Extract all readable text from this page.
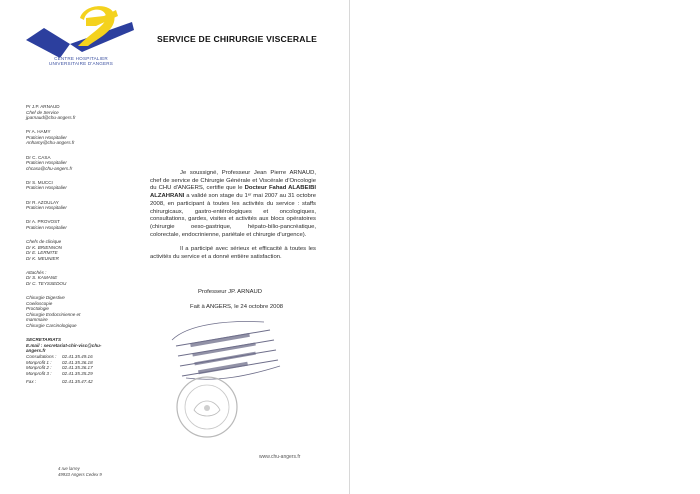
CENTRE HOSPITALIER
UNIVERSITAIRE D'ANGERS
SERVICE DE CHIRURGIE VISCERALE
Pr J.P. ARNAUD
Chef de Service
jparnaud@chu-angers.fr
Pr A. HAMY
Praticien Hospitalier
Anhamy@chu-angers.fr
Dr C. CASA
Praticien Hospitalier
chcasa@chu-angers.fr
Dr S. MUCCI
Praticien Hospitalier
Dr R. AZOULAY
Praticien Hospitalier
Dr A. PROVOST
Praticien Hospitalier
Chefs de clinique
Dr K. BRIENNON
Dr E. LERMITE
Dr K. MEUNIER
Attachés :
Dr S. KAMANE
Dr C. TEYSSEDOU
Chirurgie Digestive
Coelioscopie
Proctologie
Chirurgie Endocrinienne et
mammaire
Chirurgie Carcinologique
SECRETARIATS
E.mail : secretariat-chir-visc@chu-
angers.fr
Consultations :	02.41.35.49.16
Monprofit 1 :	02.41.35.36.18
Monprofit 2 :	02.41.35.36.17
Monprofit 3 :	02.41.35.35.29
Fax :	02.41.35.47.42

Je soussigné, Professeur Jean Pierre ARNAUD, chef de service de Chirurgie Générale et Viscérale d'Oncologie du CHU d'ANGERS, certifie que le Docteur Fahad ALABEIBI ALZAHRANI a validé son stage du 1ᵉʳ mai 2007 au 31 octobre 2008, en participant à toutes les activités du service : staffs chirurgicaux, gastro-entérologiques et oncologiques, consultations, gardes, visites et activités aux blocs opératoires (chirurgie oeso-gastrique, hépato-bilio-pancréatique, colorectale, endocrinienne, pariétale et chirurgie d'urgence).

Il a participé avec sérieux et efficacité à toutes les activités du service et a donné entière satisfaction.

Professeur JP. ARNAUD
Fait à ANGERS, le 24 octobre 2008
4 rue larrey
49933 Angers Cedex 9
www.chu-angers.fr
